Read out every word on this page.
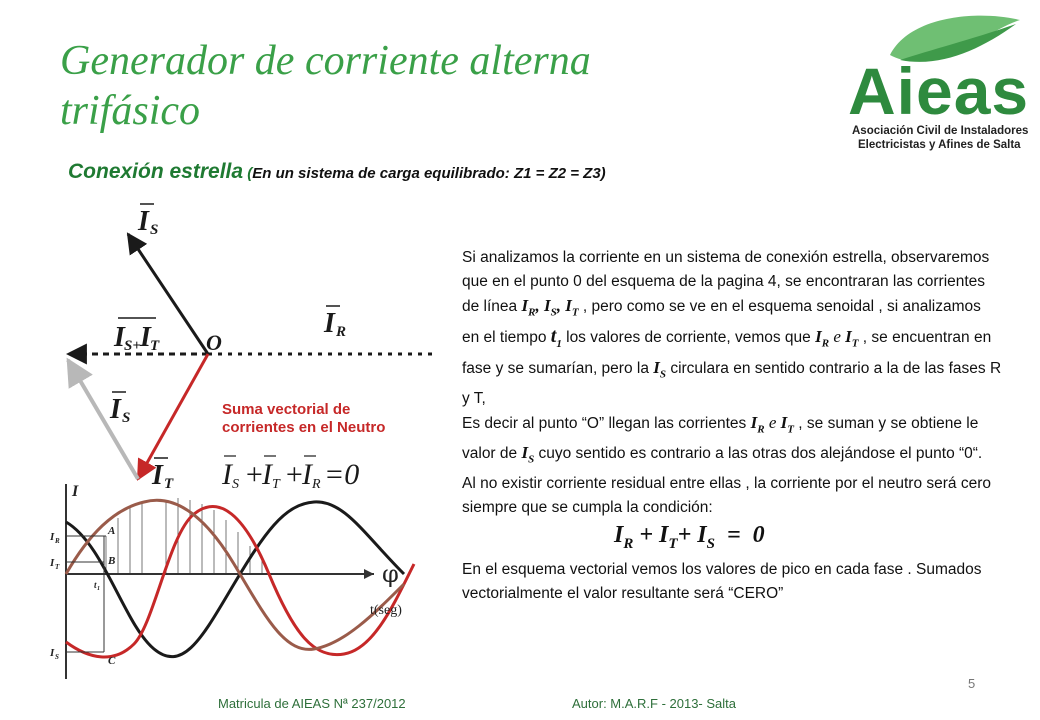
Generador de corriente alterna
trifásico
Conexión estrella (En un sistema de carga equilibrado: Z1 = Z2 = Z3)
Aieas
Asociación Civil de Instaladores
Electricistas y Afines de Salta
I S
I R
I S+ I T O
I S
I T
Suma vectorial de
corrientes en el Neutro
I S +
I T +
I R =0
I
I R
I T
I S
A
B
C
t 1
φ
t(seg)

Si analizamos la corriente en un sistema de conexión estrella, observaremos que en el punto 0 del esquema de la pagina 4, se encontraran las corrientes de línea $I_R$, $I_S$, $I_T$ , pero como se ve en el esquema senoidal , si analizamos en el tiempo $t_1$ los valores de corriente, vemos que $I_R$ e $I_T$ , se encuentran en fase y se sumarían, pero la $I_S$ circulara en sentido contrario a la de las fases R y T,

Es decir al punto “O” llegan las corrientes $I_R$ e $I_T$ , se suman y se obtiene le valor de $I_S$ cuyo sentido es contrario a las otras dos alejándose el punto “0“.

Al no existir corriente residual entre ellas , la corriente por el neutro será cero siempre que se cumpla la condición:

$I_R + I_T+ I_S = 0$

En el esquema vectorial vemos los valores de pico en cada fase . Sumados vectorialmente el valor resultante será “CERO”

Matricula de AIEAS Nª 237/2012	Autor: M.A.R.F - 2013- Salta
5
